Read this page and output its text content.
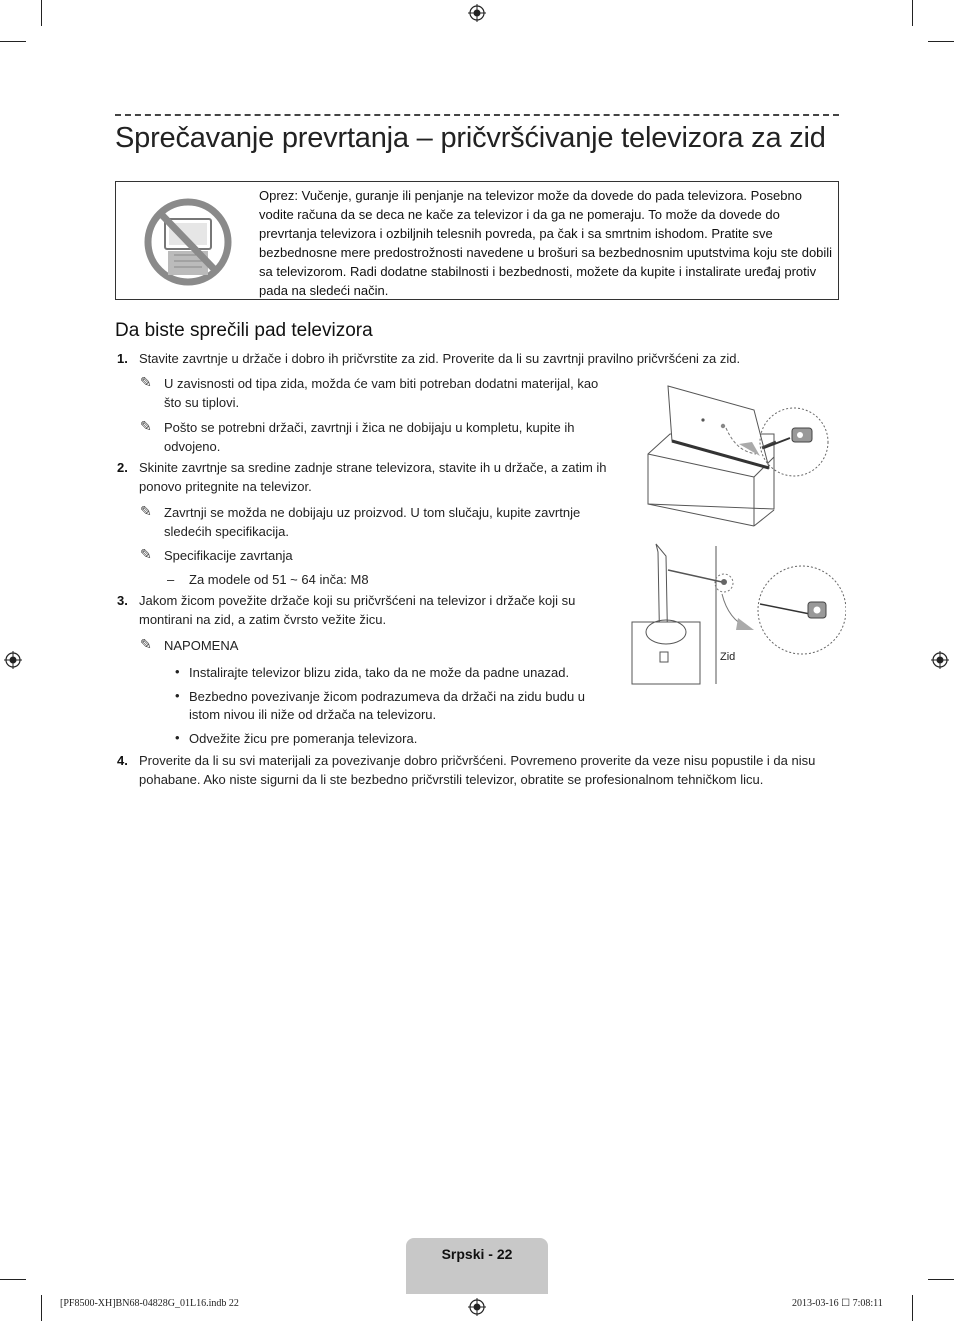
Sprečavanje prevrtanja – pričvršćivanje televizora za zid
Oprez: Vučenje, guranje ili penjanje na televizor može da dovede do pada televizora. Posebno vodite računa da se deca ne kače za televizor i da ga ne pomeraju. To može da dovede do prevrtanja televizora i ozbiljnih telesnih povreda, pa čak i sa smrtnim ishodom. Pratite sve bezbednosne mere predostrožnosti navedene u brošuri sa bezbednosnim uputstvima koju ste dobili sa televizorom. Radi dodatne stabilnosti i bezbednosti, možete da kupite i instalirate uređaj protiv pada na sledeći način.
Da biste sprečili pad televizora
1. Stavite zavrtnje u držače i dobro ih pričvrstite za zid. Proverite da li su zavrtnji pravilno pričvršćeni za zid.
✎ U zavisnosti od tipa zida, možda će vam biti potreban dodatni materijal, kao
što su tiplovi.
✎ Pošto se potrebni držači, zavrtnji i žica ne dobijaju u kompletu, kupite ih
odvojeno.
2. Skinite zavrtnje sa sredine zadnje strane televizora, stavite ih u držače, a zatim ih
ponovo pritegnite na televizor.
✎ Zavrtnji se možda ne dobijaju uz proizvod. U tom slučaju, kupite zavrtnje
sledećih specifikacija.
✎ Specifikacije zavrtanja
– Za modele od 51 ~ 64 inča: M8
3. Jakom žicom povežite držače koji su pričvršćeni na televizor i držače koji su
montirani na zid, a zatim čvrsto vežite žicu.
✎ NAPOMENA
• Instalirajte televizor blizu zida, tako da ne može da padne unazad.
• Bezbedno povezivanje žicom podrazumeva da držači na zidu budu u
istom nivou ili niže od držača na televizoru.
• Odvežite žicu pre pomeranja televizora.
4. Proverite da li su svi materijali za povezivanje dobro pričvršćeni. Povremeno proverite da veze nisu popustile i da nisu
pohabane. Ako niste sigurni da li ste bezbedno pričvrstili televizor, obratite se profesionalnom tehničkom licu.
Zid
Srpski - 22
[PF8500-XH]BN68-04828G_01L16.indb 22	2013-03-16 ☐ 7:08:11
